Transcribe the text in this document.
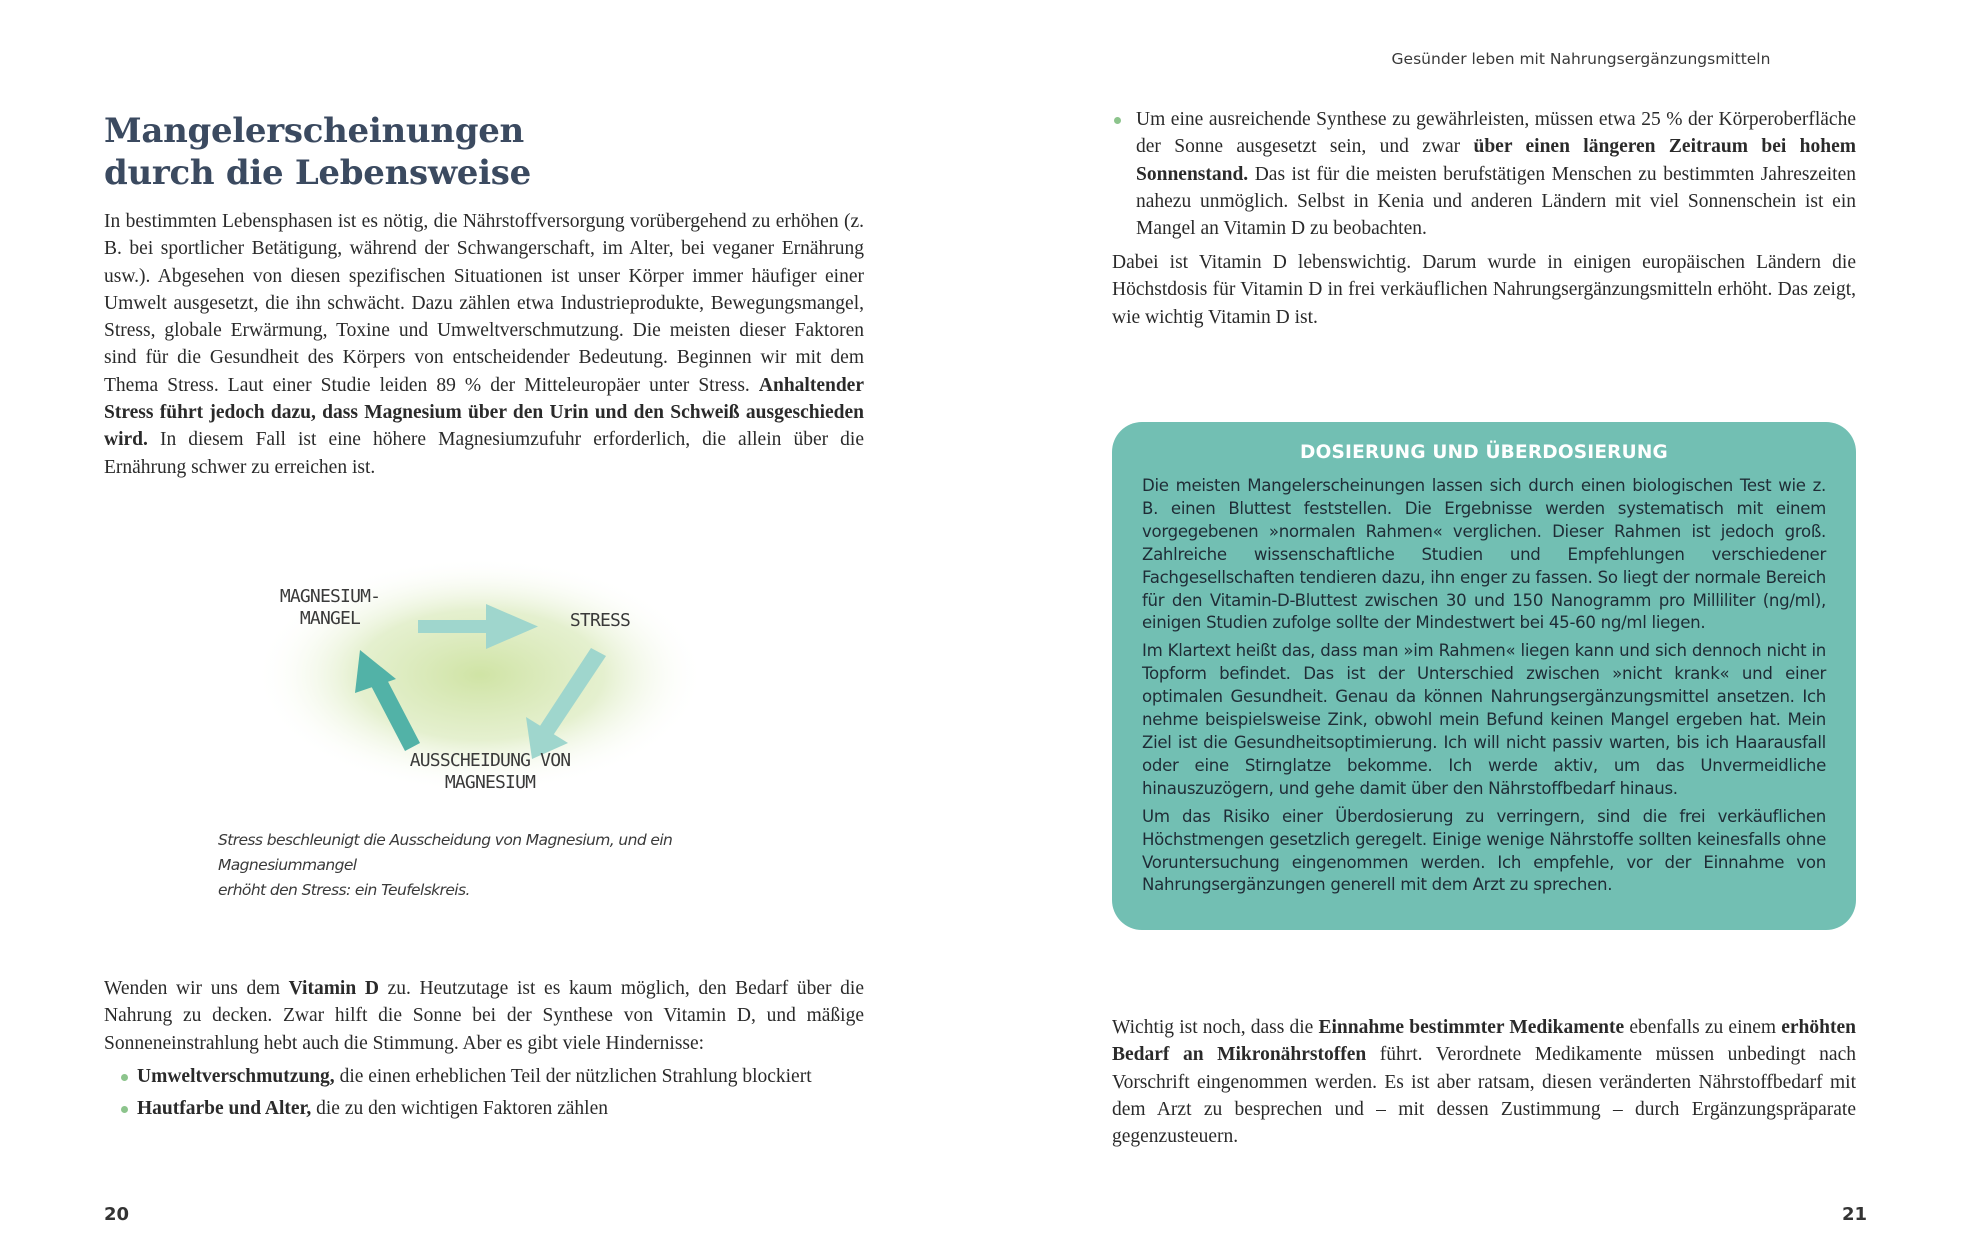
Mangelerscheinungen
durch die Lebensweise

In bestimmten Lebensphasen ist es nötig, die Nährstoffversorgung vorübergehend zu erhöhen (z. B. bei sportlicher Betätigung, während der Schwangerschaft, im Alter, bei veganer Ernährung usw.). Abgesehen von diesen spezifischen Situationen ist unser Körper immer häufiger einer Umwelt ausgesetzt, die ihn schwächt. Dazu zählen etwa Industrieprodukte, Bewegungsmangel, Stress, globale Erwärmung, Toxine und Umweltverschmutzung. Die meisten dieser Faktoren sind für die Gesundheit des Körpers von entscheidender Bedeutung. Beginnen wir mit dem Thema Stress. Laut einer Studie leiden 89 % der Mitteleuropäer unter Stress. Anhaltender Stress führt jedoch dazu, dass Magnesium über den Urin und den Schweiß ausgeschieden wird. In diesem Fall ist eine höhere Magnesiumzufuhr erforderlich, die allein über die Ernährung schwer zu erreichen ist.

MAGNESIUM-
MANGEL	STRESS
AUSSCHEIDUNG VON
MAGNESIUM
Stress beschleunigt die Ausscheidung von Magnesium, und ein Magnesiummangel
erhöht den Stress: ein Teufelskreis.

Wenden wir uns dem Vitamin D zu. Heutzutage ist es kaum möglich, den Bedarf über die Nahrung zu decken. Zwar hilft die Sonne bei der Synthese von Vitamin D, und mäßige Sonneneinstrahlung hebt auch die Stimmung. Aber es gibt viele Hindernisse:

Umweltverschmutzung, die einen erheblichen Teil der nützlichen Strahlung blockiert
Hautfarbe und Alter, die zu den wichtigen Faktoren zählen
20
Gesünder leben mit Nahrungsergänzungsmitteln
Um eine ausreichende Synthese zu gewährleisten, müssen etwa 25 % der Körperoberfläche der Sonne ausgesetzt sein, und zwar über einen längeren Zeitraum bei hohem Sonnenstand. Das ist für die meisten berufstätigen Menschen zu bestimmten Jahreszeiten nahezu unmöglich. Selbst in Kenia und anderen Ländern mit viel Sonnenschein ist ein Mangel an Vitamin D zu beobachten.

Dabei ist Vitamin D lebenswichtig. Darum wurde in einigen europäischen Ländern die Höchstdosis für Vitamin D in frei verkäuflichen Nahrungsergänzungsmitteln erhöht. Das zeigt, wie wichtig Vitamin D ist.

DOSIERUNG UND ÜBERDOSIERUNG

Die meisten Mangelerscheinungen lassen sich durch einen biologischen Test wie z. B. einen Bluttest feststellen. Die Ergebnisse werden systematisch mit einem vorgegebenen »normalen Rahmen« verglichen. Dieser Rahmen ist jedoch groß. Zahlreiche wissenschaftliche Studien und Empfehlungen verschiedener Fachgesellschaften tendieren dazu, ihn enger zu fassen. So liegt der normale Bereich für den Vitamin-D-Bluttest zwischen 30 und 150 Nanogramm pro Milliliter (ng/ml), einigen Studien zufolge sollte der Mindestwert bei 45-60 ng/ml liegen.

Im Klartext heißt das, dass man »im Rahmen« liegen kann und sich dennoch nicht in Topform befindet. Das ist der Unterschied zwischen »nicht krank« und einer optimalen Gesundheit. Genau da können Nahrungsergänzungsmittel ansetzen. Ich nehme beispielsweise Zink, obwohl mein Befund keinen Mangel ergeben hat. Mein Ziel ist die Gesundheitsoptimierung. Ich will nicht passiv warten, bis ich Haarausfall oder eine Stirnglatze bekomme. Ich werde aktiv, um das Unvermeidliche hinauszuzögern, und gehe damit über den Nährstoffbedarf hinaus.

Um das Risiko einer Überdosierung zu verringern, sind die frei verkäuflichen Höchstmengen gesetzlich geregelt. Einige wenige Nährstoffe sollten keinesfalls ohne Voruntersuchung eingenommen werden. Ich empfehle, vor der Einnahme von Nahrungsergänzungen generell mit dem Arzt zu sprechen.

Wichtig ist noch, dass die Einnahme bestimmter Medikamente ebenfalls zu einem erhöhten Bedarf an Mikronährstoffen führt. Verordnete Medikamente müssen unbedingt nach Vorschrift eingenommen werden. Es ist aber ratsam, diesen veränderten Nährstoffbedarf mit dem Arzt zu besprechen und – mit dessen Zustimmung – durch Ergänzungspräparate gegenzusteuern.

21
